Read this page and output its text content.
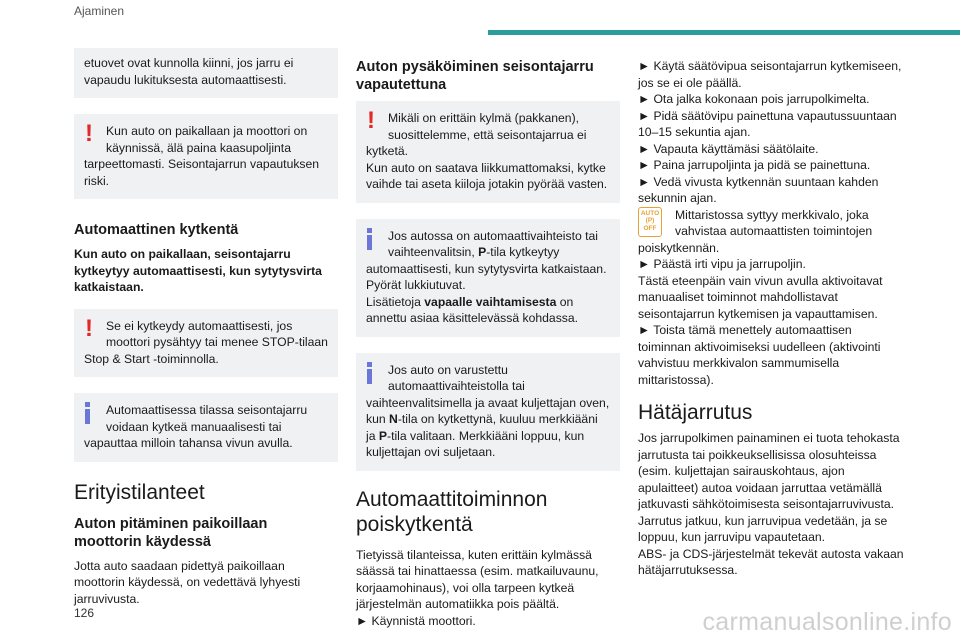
Ajaminen

etuovet ovat kunnolla kiinni, jos jarru ei vapaudu lukituksesta automaattisesti.

! Kun auto on paikallaan ja moottori on

käynnissä, älä paina kaasupoljinta

tarpeettomasti. Seisontajarrun vapautuksen riski.

Automaattinen kytkentä

Kun auto on paikallaan, seisontajarru kytkeytyy automaattisesti, kun sytytysvirta katkaistaan.

! Se ei kytkeydy automaattisesti, jos

moottori pysähtyy tai menee STOP-tilaan

Stop & Start -toiminnolla.

Automaattisessa tilassa seisontajarru

voidaan kytkeä manuaalisesti tai

vapauttaa milloin tahansa vivun avulla.

Erityistilanteet
Auton pitäminen paikoillaan moottorin käydessä

Jotta auto saadaan pidettyä paikoillaan moottorin käydessä, on vedettävä lyhyesti jarruvivusta.

Auton pysäköiminen seisontajarru vapautettuna
! Mikäli on erittäin kylmä (pakkanen),

suosittelemme, että seisontajarrua ei

kytketä.

Kun auto on saatava liikkumattomaksi, kytke vaihde tai aseta kiiloja jotakin pyörää vasten.

Jos autossa on automaattivaihteisto tai

vaihteenvalitsin, P-tila kytkeytyy

automaattisesti, kun sytytysvirta katkaistaan.

Pyörät lukkiutuvat.

Lisätietoja vapaalle vaihtamisesta on annettu asiaa käsittelevässä kohdassa.

Jos auto on varustettu

automaattivaihteistolla tai

vaihteenvalitsimella ja avaat kuljettajan oven, kun N-tila on kytkettynä, kuuluu merkkiääni ja P-tila valitaan. Merkkiääni loppuu, kun kuljettajan ovi suljetaan.

Automaattitoiminnon poiskytkentä

Tietyissä tilanteissa, kuten erittäin kylmässä säässä tai hinattaessa (esim. matkailuvaunu, korjaamohinaus), voi olla tarpeen kytkeä järjestelmän automatiikka pois päältä.

► Käynnistä moottori.

► Käytä säätövipua seisontajarrun kytkemiseen, jos se ei ole päällä.

► Ota jalka kokonaan pois jarrupolkimelta.

► Pidä säätövipu painettuna vapautussuuntaan 10–15 sekuntia ajan.

► Vapauta käyttämäsi säätölaite.

► Paina jarrupoljinta ja pidä se painettuna.

► Vedä vivusta kytkennän suuntaan kahden sekunnin ajan.

AUTO
(P)
OFF

Mittaristossa syttyy merkkivalo, joka

vahvistaa automaattisten toimintojen

poiskytkennän.

► Päästä irti vipu ja jarrupoljin.

Tästä eteenpäin vain vivun avulla aktivoitavat manuaaliset toiminnot mahdollistavat seisontajarrun kytkemisen ja vapauttamisen.

► Toista tämä menettely automaattisen toiminnan aktivoimiseksi uudelleen (aktivointi vahvistuu merkkivalon sammumisella mittaristossa).

Hätäjarrutus

Jos jarrupolkimen painaminen ei tuota tehokasta jarrutusta tai poikkeuksellisissa olosuhteissa (esim. kuljettajan sairauskohtaus, ajon apulaitteet) autoa voidaan jarruttaa vetämällä jatkuvasti sähkötoimisesta seisontajarruvivusta.

Jarrutus jatkuu, kun jarruvipua vedetään, ja se loppuu, kun jarruvipu vapautetaan.

ABS- ja CDS-järjestelmät tekevät autosta vakaan hätäjarrutuksessa.

126	carmanualsonline.info
